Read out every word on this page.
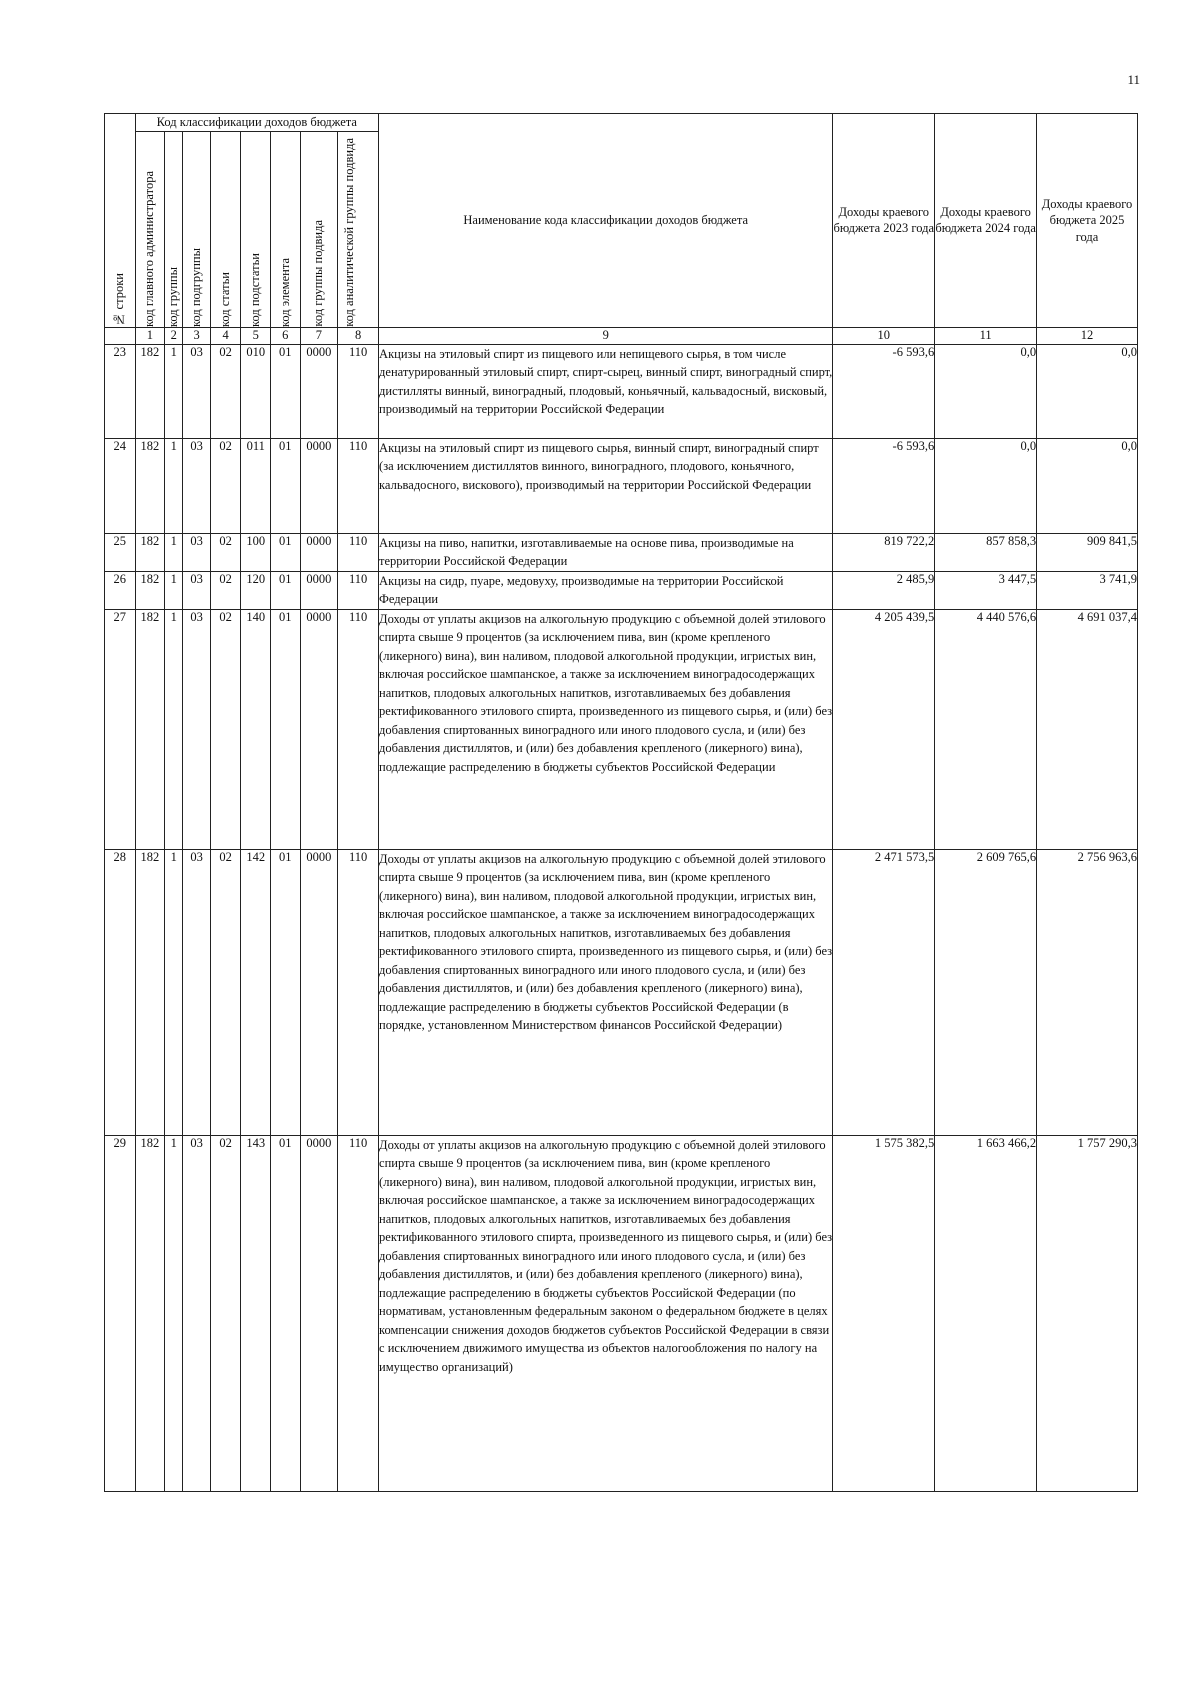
11
№ строки	Код классификации доходов бюджета								Наименование кода классификации доходов бюджета	Доходы краевого бюджета 2023 года	Доходы краевого бюджета 2024 года	Доходы краевого бюджета 2025 года

	код главного администратора	код группы	код подгруппы	код статьи	код подстатьи	код элемента	код группы подвида	код аналитической группы подвида				

	1	2	3	4	5	6	7	8	9	10	11	12
23	182	1	03	02	010	01	0000	110	Акцизы на этиловый спирт из пищевого или непищевого сырья, в том числе денатурированный этиловый спирт, спирт-сырец, винный спирт, виноградный спирт, дистилляты винный, виноградный, плодовый, коньячный, кальвадосный, висковый, производимый на территории Российской Федерации	-6 593,6	0,0	0,0
24	182	1	03	02	011	01	0000	110	Акцизы на этиловый спирт из пищевого сырья, винный спирт, виноградный спирт (за исключением дистиллятов винного, виноградного, плодового, коньячного, кальвадосного, вискового), производимый на территории Российской Федерации	-6 593,6	0,0	0,0
25	182	1	03	02	100	01	0000	110	Акцизы на пиво, напитки, изготавливаемые на основе пива, производимые на территории Российской Федерации	819 722,2	857 858,3	909 841,5
26	182	1	03	02	120	01	0000	110	Акцизы на сидр, пуаре, медовуху, производимые на территории Российской Федерации	2 485,9	3 447,5	3 741,9
27	182	1	03	02	140	01	0000	110	Доходы от уплаты акцизов на алкогольную продукцию с объемной долей этилового спирта свыше 9 процентов (за исключением пива, вин (кроме крепленого (ликерного) вина), вин наливом, плодовой алкогольной продукции, игристых вин, включая российское шампанское, а также за исключением виноградосодержащих напитков, плодовых алкогольных напитков, изготавливаемых без добавления ректификованного этилового спирта, произведенного из пищевого сырья, и (или) без добавления спиртованных виноградного или иного плодового сусла, и (или) без добавления дистиллятов, и (или) без добавления крепленого (ликерного) вина), подлежащие распределению в бюджеты субъектов Российской Федерации	4 205 439,5	4 440 576,6	4 691 037,4
28	182	1	03	02	142	01	0000	110	Доходы от уплаты акцизов на алкогольную продукцию с объемной долей этилового спирта свыше 9 процентов (за исключением пива, вин (кроме крепленого (ликерного) вина), вин наливом, плодовой алкогольной продукции, игристых вин, включая российское шампанское, а также за исключением виноградосодержащих напитков, плодовых алкогольных напитков, изготавливаемых без добавления ректификованного этилового спирта, произведенного из пищевого сырья, и (или) без добавления спиртованных виноградного или иного плодового сусла, и (или) без добавления дистиллятов, и (или) без добавления крепленого (ликерного) вина), подлежащие распределению в бюджеты субъектов Российской Федерации (в порядке, установленном Министерством финансов Российской Федерации)	2 471 573,5	2 609 765,6	2 756 963,6
29	182	1	03	02	143	01	0000	110	Доходы от уплаты акцизов на алкогольную продукцию с объемной долей этилового спирта свыше 9 процентов (за исключением пива, вин (кроме крепленого (ликерного) вина), вин наливом, плодовой алкогольной продукции, игристых вин, включая российское шампанское, а также за исключением виноградосодержащих напитков, плодовых алкогольных напитков, изготавливаемых без добавления ректификованного этилового спирта, произведенного из пищевого сырья, и (или) без добавления спиртованных виноградного или иного плодового сусла, и (или) без добавления дистиллятов, и (или) без добавления крепленого (ликерного) вина), подлежащие распределению в бюджеты субъектов Российской Федерации (по нормативам, установленным федеральным законом о федеральном бюджете в целях компенсации снижения доходов бюджетов субъектов Российской Федерации в связи с исключением движимого имущества из объектов налогообложения по налогу на имущество организаций)	1 575 382,5	1 663 466,2	1 757 290,3
